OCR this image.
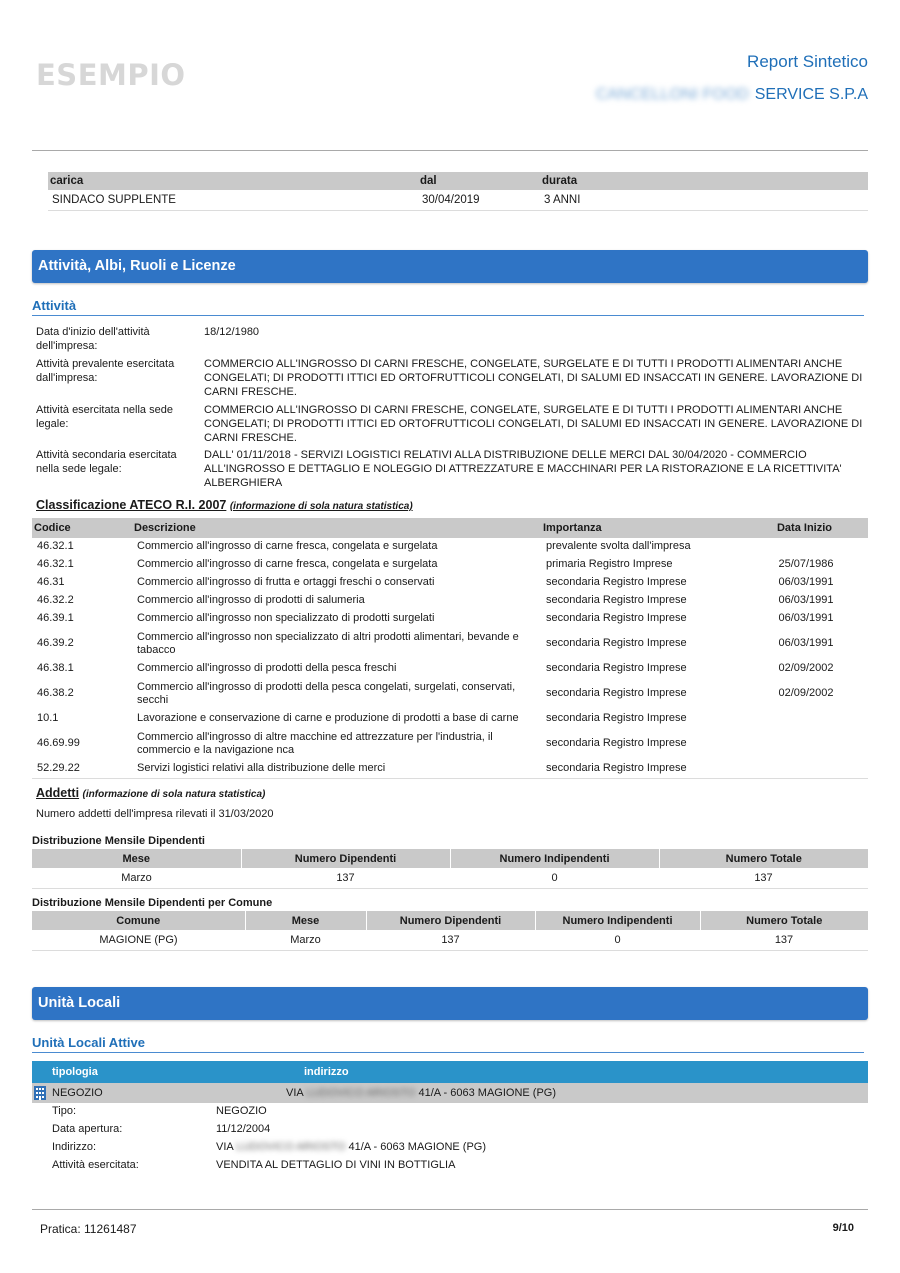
ESEMPIO	Report Sintetico
CANCELLONI FOOD SERVICE S.P.A
carica	dal	durata
SINDACO SUPPLENTE	30/04/2019	3 ANNI
Attività, Albi, Ruoli e Licenze
Attività
Data d'inizio dell'attività dell'impresa:
18/12/1980
Attività prevalente esercitata dall'impresa:
COMMERCIO ALL'INGROSSO DI CARNI FRESCHE, CONGELATE, SURGELATE E DI TUTTI I PRODOTTI ALIMENTARI ANCHE CONGELATI; DI PRODOTTI ITTICI ED ORTOFRUTTICOLI CONGELATI, DI SALUMI ED INSACCATI IN GENERE. LAVORAZIONE DI CARNI FRESCHE.
Attività esercitata nella sede legale:
COMMERCIO ALL'INGROSSO DI CARNI FRESCHE, CONGELATE, SURGELATE E DI TUTTI I PRODOTTI ALIMENTARI ANCHE CONGELATI; DI PRODOTTI ITTICI ED ORTOFRUTTICOLI CONGELATI, DI SALUMI ED INSACCATI IN GENERE. LAVORAZIONE DI CARNI FRESCHE.
Attività secondaria esercitata nella sede legale:
DALL' 01/11/2018 - SERVIZI LOGISTICI RELATIVI ALLA DISTRIBUZIONE DELLE MERCI DAL 30/04/2020 - COMMERCIO ALL'INGROSSO E DETTAGLIO E NOLEGGIO DI ATTREZZATURE E MACCHINARI PER LA RISTORAZIONE E LA RICETTIVITA' ALBERGHIERA
Classificazione ATECO R.I. 2007 (informazione di sola natura statistica)
Codice	Descrizione	Importanza	Data Inizio
46.32.1	Commercio all'ingrosso di carne fresca, congelata e surgelata	prevalente svolta dall'impresa	
46.32.1	Commercio all'ingrosso di carne fresca, congelata e surgelata	primaria Registro Imprese	25/07/1986
46.31	Commercio all'ingrosso di frutta e ortaggi freschi o conservati	secondaria Registro Imprese	06/03/1991
46.32.2	Commercio all'ingrosso di prodotti di salumeria	secondaria Registro Imprese	06/03/1991
46.39.1	Commercio all'ingrosso non specializzato di prodotti surgelati	secondaria Registro Imprese	06/03/1991
46.39.2	Commercio all'ingrosso non specializzato di altri prodotti alimentari, bevande e tabacco	secondaria Registro Imprese	06/03/1991
46.38.1	Commercio all'ingrosso di prodotti della pesca freschi	secondaria Registro Imprese	02/09/2002
46.38.2	Commercio all'ingrosso di prodotti della pesca congelati, surgelati, conservati, secchi	secondaria Registro Imprese	02/09/2002
10.1	Lavorazione e conservazione di carne e produzione di prodotti a base di carne	secondaria Registro Imprese	
46.69.99	Commercio all'ingrosso di altre macchine ed attrezzature per l'industria, il commercio e la navigazione nca	secondaria Registro Imprese	
52.29.22	Servizi logistici relativi alla distribuzione delle merci	secondaria Registro Imprese	
Addetti (informazione di sola natura statistica)
Numero addetti dell'impresa rilevati il 31/03/2020
Distribuzione Mensile Dipendenti
Mese	Numero Dipendenti	Numero Indipendenti	Numero Totale
Marzo	137	0	137
Distribuzione Mensile Dipendenti per Comune
Comune	Mese	Numero Dipendenti	Numero Indipendenti	Numero Totale
MAGIONE (PG)	Marzo	137	0	137
Unità Locali
Unità Locali Attive
tipologia	indirizzo
NEGOZIO	VIA LUDOVICO ARIOSTO 41/A - 6063 MAGIONE (PG)
Tipo:	NEGOZIO
Data apertura:	11/12/2004
Indirizzo:	VIA LUDOVICO ARIOSTO 41/A - 6063 MAGIONE (PG)
Attività esercitata:	VENDITA AL DETTAGLIO DI VINI IN BOTTIGLIA
Pratica: 11261487	9/10
